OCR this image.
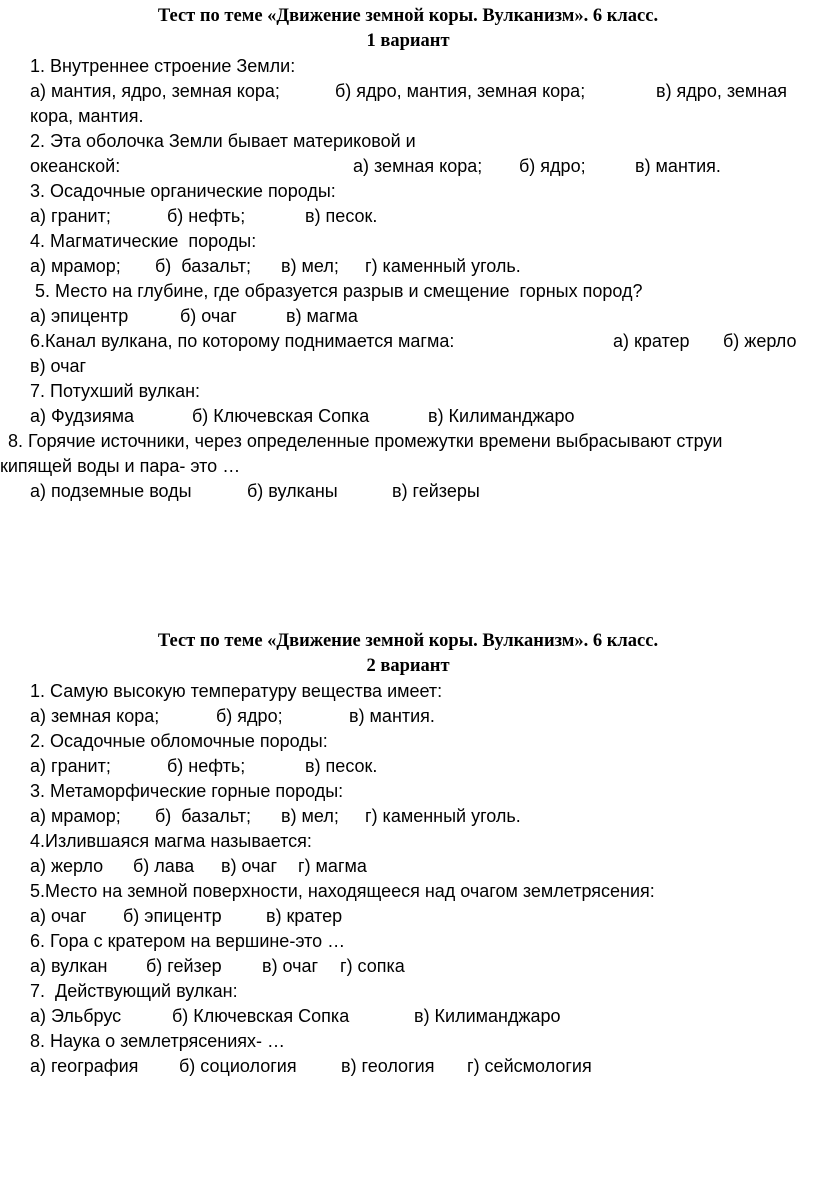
Тест по теме «Движение земной коры. Вулканизм». 6 класс.
1 вариант
1. Внутреннее строение Земли:

а) мантия, ядро, земная кора;

	б) ядро, мантия, земная кора;

	в) ядро, земная

кора, мантия.
2. Эта оболочка Земли бывает материковой и

океанской:

	а) земная кора;

б) ядро;

	в) мантия.

3. Осадочные органические породы:

а) гранит;

	б) нефть;

	в) песок.

4. Магматические  породы:

а) мрамор;

б)  базальт;

в) мел;

г) каменный уголь.

5. Место на глубине, где образуется разрыв и смещение  горных пород?

а) эпицентр

	б) очаг

	в) магма

6.Канал вулкана, по которому поднимается магма:

	а) кратер

б) жерло

в) очаг
7. Потухший вулкан:

а) Фудзияма

	б) Ключевская Сопка

	в) Килиманджаро

8. Горячие источники, через определенные промежутки времени выбрасывают струи
кипящей воды и пара- это …

а) подземные воды

	б) вулканы

	в) гейзеры

Тест по теме «Движение земной коры. Вулканизм». 6 класс.
2 вариант
1. Самую высокую температуру вещества имеет:

а) земная кора;

	б) ядро;

	в) мантия.

2. Осадочные обломочные породы:

а) гранит;

	б) нефть;

	в) песок.

3. Метаморфические горные породы:

а) мрамор;

б)  базальт;

в) мел;

г) каменный уголь.

4.Излившаяся магма называется:

а) жерло

б) лава

в) очаг

г) магма

5.Место на земной поверхности, находящееся над очагом землетрясения:

а) очаг

б) эпицентр

в) кратер

6. Гора с кратером на вершине-это …

а) вулкан

б) гейзер

в) очаг

г) сопка

7.  Действующий вулкан:

а) Эльбрус

	б) Ключевская Сопка

	в) Килиманджаро

8. Наука о землетрясениях- …

а) география

б) социология

в) геология

г) сейсмология
